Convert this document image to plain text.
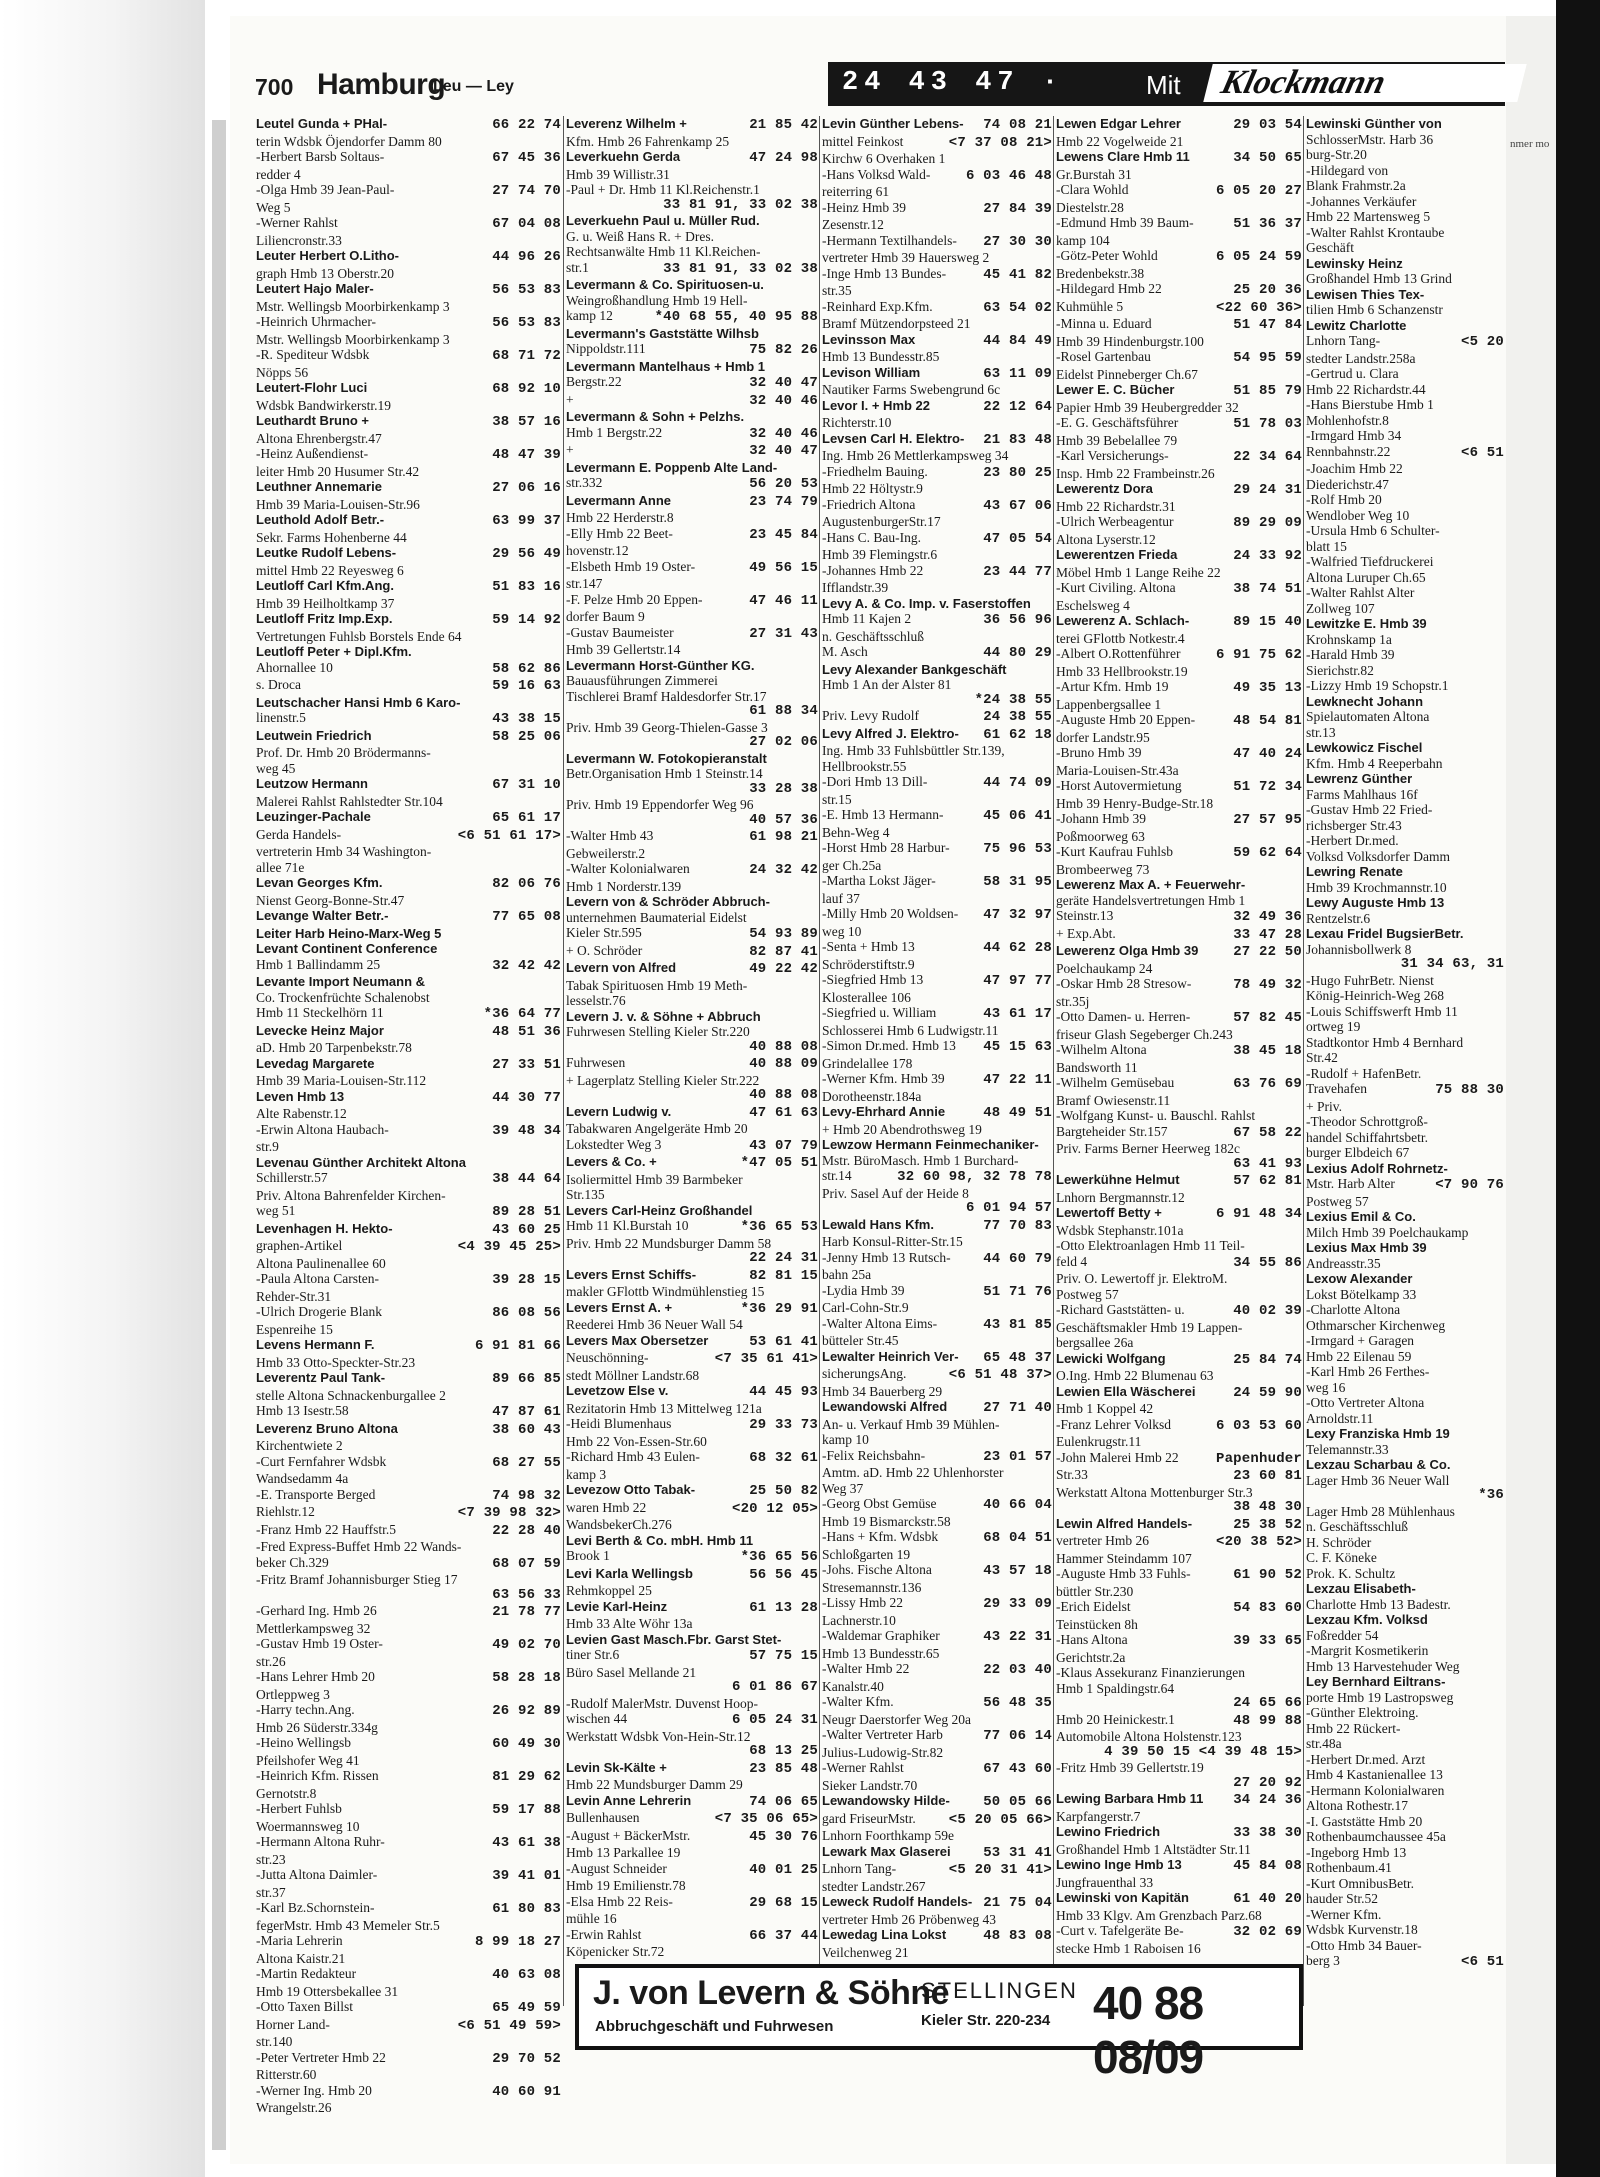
nmer mo
700 Hamburg
Leu — Ley	24 43 47 ·	Mit	Klockmann
Leutel Gunda + PHal-	66 22 74
terin Wdsbk Öjendorfer Damm 80
-Herbert Barsb Soltaus-	67 45 36
redder 4
-Olga Hmb 39 Jean-Paul-	27 74 70
Weg 5
-Werner Rahlst	67 04 08
Liliencronstr.33
Leuter Herbert O.Litho-	44 96 26
graph Hmb 13 Oberstr.20
Leutert Hajo Maler-	56 53 83
Mstr. Wellingsb Moorbirkenkamp 3
-Heinrich Uhrmacher-	56 53 83
Mstr. Wellingsb Moorbirkenkamp 3
-R. Spediteur Wdsbk	68 71 72
Nöpps 56
Leutert-Flohr Luci	68 92 10
Wdsbk Bandwirkerstr.19
Leuthardt Bruno +	38 57 16
Altona Ehrenbergstr.47
-Heinz Außendienst-	48 47 39
leiter Hmb 20 Husumer Str.42
Leuthner Annemarie	27 06 16
Hmb 39 Maria-Louisen-Str.96
Leuthold Adolf Betr.-	63 99 37
Sekr. Farms Hohenberne 44
Leutke Rudolf Lebens-	29 56 49
mittel Hmb 22 Reyesweg 6
Leutloff Carl Kfm.Ang.	51 83 16
Hmb 39 Heilholtkamp 37
Leutloff Fritz Imp.Exp.	59 14 92
Vertretungen Fuhlsb Borstels Ende 64
Leutloff Peter + Dipl.Kfm.
Ahornallee 10	58 62 86
s. Droca	59 16 63
Leutschacher Hansi Hmb 6 Karo-
linenstr.5	43 38 15
Leutwein Friedrich	58 25 06
Prof. Dr. Hmb 20 Brödermanns-
weg 45
Leutzow Hermann	67 31 10
Malerei Rahlst Rahlstedter Str.104
Leuzinger-Pachale	65 61 17
Gerda Handels-	<6 51 61 17>
vertreterin Hmb 34 Washington-
allee 71e
Levan Georges Kfm.	82 06 76
Nienst Georg-Bonne-Str.47
Levange Walter Betr.-	77 65 08
Leiter Harb Heino-Marx-Weg 5
Levant Continent Conference
Hmb 1 Ballindamm 25	32 42 42
Levante Import Neumann &
Co. Trockenfrüchte Schalenobst
Hmb 11 Steckelhörn 11	*36 64 77
Levecke Heinz Major	48 51 36
aD. Hmb 20 Tarpenbekstr.78
Levedag Margarete	27 33 51
Hmb 39 Maria-Louisen-Str.112
Leven Hmb 13	44 30 77
Alte Rabenstr.12
-Erwin Altona Haubach-	39 48 34
str.9
Levenau Günther Architekt Altona
Schillerstr.57	38 44 64
Priv. Altona Bahrenfelder Kirchen-
weg 51	89 28 51
Levenhagen H. Hekto-	43 60 25
graphen-Artikel	<4 39 45 25>
Altona Paulinenallee 60
-Paula Altona Carsten-	39 28 15
Rehder-Str.31
-Ulrich Drogerie Blank	86 08 56
Espenreihe 15
Levens Hermann F.	6 91 81 66
Hmb 33 Otto-Speckter-Str.23
Leverentz Paul Tank-	89 66 85
stelle Altona Schnackenburgallee 2
Hmb 13 Isestr.58	47 87 61
Leverenz Bruno Altona	38 60 43
Kirchentwiete 2
-Curt Fernfahrer Wdsbk	68 27 55
Wandsedamm 4a
-E. Transporte Berged	74 98 32
Riehlstr.12	<7 39 98 32>
-Franz Hmb 22 Hauffstr.5	22 28 40
-Fred Express-Buffet Hmb 22 Wands-
beker Ch.329	68 07 59
-Fritz Bramf Johannisburger Stieg 17
63 56 33
-Gerhard Ing. Hmb 26	21 78 77
Mettlerkampsweg 32
-Gustav Hmb 19 Oster-	49 02 70
str.26
-Hans Lehrer Hmb 20	58 28 18
Ortleppweg 3
-Harry techn.Ang.	26 92 89
Hmb 26 Süderstr.334g
-Heino Wellingsb	60 49 30
Pfeilshofer Weg 41
-Heinrich Kfm. Rissen	81 29 62
Gernotstr.8
-Herbert Fuhlsb	59 17 88
Woermannsweg 10
-Hermann Altona Ruhr-	43 61 38
str.23
-Jutta Altona Daimler-	39 41 01
str.37
-Karl Bz.Schornstein-	61 80 83
fegerMstr. Hmb 43 Memeler Str.5
-Maria Lehrerin	8 99 18 27
Altona Kaistr.21
-Martin Redakteur	40 63 08
Hmb 19 Ottersbekallee 31
-Otto Taxen Billst	65 49 59
Horner Land-	<6 51 49 59>
str.140
-Peter Vertreter Hmb 22	29 70 52
Ritterstr.60
-Werner Ing. Hmb 20	40 60 91
Wrangelstr.26
Leverenz Wilhelm +	21 85 42
Kfm. Hmb 26 Fahrenkamp 25
Leverkuehn Gerda	47 24 98
Hmb 39 Willistr.31
-Paul + Dr. Hmb 11 Kl.Reichenstr.1
33 81 91, 33 02 38
Leverkuehn Paul u. Müller Rud.
G. u. Weiß Hans R. + Dres.
Rechtsanwälte Hmb 11 Kl.Reichen-
str.1	33 81 91, 33 02 38
Levermann & Co. Spirituosen-u.
Weingroßhandlung Hmb 19 Hell-
kamp 12	*40 68 55, 40 95 88
Levermann's Gaststätte Wilhsb
Nippoldstr.111	75 82 26
Levermann Mantelhaus + Hmb 1
Bergstr.22	32 40 47
+	32 40 46
Levermann & Sohn + Pelzhs.
Hmb 1 Bergstr.22	32 40 46
+	32 40 47
Levermann E. Poppenb Alte Land-
str.332	56 20 53
Levermann Anne	23 74 79
Hmb 22 Herderstr.8
-Elly Hmb 22 Beet-	23 45 84
hovenstr.12
-Elsbeth Hmb 19 Oster-	49 56 15
str.147
-F. Pelze Hmb 20 Eppen-	47 46 11
dorfer Baum 9
-Gustav Baumeister	27 31 43
Hmb 39 Gellertstr.14
Levermann Horst-Günther KG.
Bauausführungen Zimmerei
Tischlerei Bramf Haldesdorfer Str.17
61 88 34
Priv. Hmb 39 Georg-Thielen-Gasse 3
27 02 06
Levermann W. Fotokopieranstalt
Betr.Organisation Hmb 1 Steinstr.14
33 28 38
Priv. Hmb 19 Eppendorfer Weg 96
40 57 36
-Walter Hmb 43	61 98 21
Gebweilerstr.2
-Walter Kolonialwaren	24 32 42
Hmb 1 Norderstr.139
Levern von & Schröder Abbruch-
unternehmen Baumaterial Eidelst
Kieler Str.595	54 93 89
+ O. Schröder	82 87 41
Levern von Alfred	49 22 42
Tabak Spirituosen Hmb 19 Meth-
lesselstr.76
Levern J. v. & Söhne + Abbruch
Fuhrwesen Stelling Kieler Str.220
40 88 08
Fuhrwesen	40 88 09
+ Lagerplatz Stelling Kieler Str.222
40 88 08
Levern Ludwig v.	47 61 63
Tabakwaren Angelgeräte Hmb 20
Lokstedter Weg 3	43 07 79
Levers & Co. +	*47 05 51
Isoliermittel Hmb 39 Barmbeker
Str.135
Levers Carl-Heinz Großhandel
Hmb 11 Kl.Burstah 10	*36 65 53
Priv. Hmb 22 Mundsburger Damm 58
22 24 31
Levers Ernst Schiffs-	82 81 15
makler GFlottb Windmühlenstieg 15
Levers Ernst A. +	*36 29 91
Reederei Hmb 36 Neuer Wall 54
Levers Max Obersetzer	53 61 41
Neuschönning-	<7 35 61 41>
stedt Möllner Landstr.68
Levetzow Else v.	44 45 93
Rezitatorin Hmb 13 Mittelweg 121a
-Heidi Blumenhaus	29 33 73
Hmb 22 Von-Essen-Str.60
-Richard Hmb 43 Eulen-	68 32 61
kamp 3
Levezow Otto Tabak-	25 50 82
waren Hmb 22	<20 12 05>
WandsbekerCh.276
Levi Berth & Co. mbH. Hmb 11
Brook 1	*36 65 56
Levi Karla Wellingsb	56 56 45
Rehmkoppel 25
Levie Karl-Heinz	61 13 28
Hmb 33 Alte Wöhr 13a
Levien Gast Masch.Fbr. Garst Stet-
tiner Str.6	57 75 15
Büro Sasel Mellande 21
6 01 86 67
-Rudolf MalerMstr. Duvenst Hoop-
wischen 44	6 05 24 31
Werkstatt Wdsbk Von-Hein-Str.12
68 13 25
Levin Sk-Kälte +	23 85 48
Hmb 22 Mundsburger Damm 29
Levin Anne Lehrerin	74 06 65
Bullenhausen	<7 35 06 65>
-August + BäckerMstr.	45 30 76
Hmb 13 Parkallee 19
-August Schneider	40 01 25
Hmb 19 Emilienstr.78
-Elsa Hmb 22 Reis-	29 68 15
mühle 16
-Erwin Rahlst	66 37 44
Köpenicker Str.72
Levin Günther Lebens- 74 08 21
mittel Feinkost	<7 37 08 21>
Kirchw 6 Overhaken 1
-Hans Volksd Wald-	6 03 46 48
reiterring 61
-Heinz Hmb 39	27 84 39
Zesenstr.12
-Hermann Textilhandels- 27 30 30
vertreter Hmb 39 Hauersweg 2
-Inge Hmb 13 Bundes-	45 41 82
str.35
-Reinhard Exp.Kfm.	63 54 02
Bramf Mützendorpsteed 21
Levinsson Max	44 84 49
Hmb 13 Bundesstr.85
Levison William	63 11 09
Nautiker Farms Swebengrund 6c
Levor I. + Hmb 22	22 12 64
Richterstr.10
Levsen Carl H. Elektro- 21 83 48
Ing. Hmb 26 Mettlerkampsweg 34
-Friedhelm Bauing.	23 80 25
Hmb 22 Höltystr.9
-Friedrich Altona	43 67 06
AugustenburgerStr.17
-Hans C. Bau-Ing.	47 05 54
Hmb 39 Flemingstr.6
-Johannes Hmb 22	23 44 77
Ifflandstr.39
Levy A. & Co. Imp. v. Faserstoffen
Hmb 11 Kajen 2	36 56 96
n. Geschäftsschluß
M. Asch	44 80 29
Levy Alexander Bankgeschäft
Hmb 1 An der Alster 81
*24 38 55
Priv. Levy Rudolf	24 38 55
Levy Alfred J. Elektro- 61 62 18
Ing. Hmb 33 Fuhlsbüttler Str.139,
Hellbrookstr.55
-Dori Hmb 13 Dill-	44 74 09
str.15
-E. Hmb 13 Hermann-	45 06 41
Behn-Weg 4
-Horst Hmb 28 Harbur- 75 96 53
ger Ch.25a
-Martha Lokst Jäger-	58 31 95
lauf 37
-Milly Hmb 20 Woldsen- 47 32 97
weg 10
-Senta + Hmb 13	44 62 28
Schröderstiftstr.9
-Siegfried Hmb 13	47 97 77
Klosterallee 106
-Siegfried u. William	43 61 17
Schlosserei Hmb 6 Ludwigstr.11
-Simon Dr.med. Hmb 13 45 15 63
Grindelallee 178
-Werner Kfm. Hmb 39	47 22 11
Dorotheenstr.184a
Levy-Ehrhard Annie	48 49 51
+ Hmb 20 Abendrothsweg 19
Lewzow Hermann Feinmechaniker-
Mstr. BüroMasch. Hmb 1 Burchard-
str.14	32 60 98, 32 78 78
Priv. Sasel Auf der Heide 8
6 01 94 57
Lewald Hans Kfm.	77 70 83
Harb Konsul-Ritter-Str.15
-Jenny Hmb 13 Rutsch- 44 60 79
bahn 25a
-Lydia Hmb 39	51 71 76
Carl-Cohn-Str.9
-Walter Altona Eims-	43 81 85
bütteler Str.45
Lewalter Heinrich Ver- 65 48 37
sicherungsAng.	<6 51 48 37>
Hmb 34 Bauerberg 29
Lewandowski Alfred	27 71 40
An- u. Verkauf Hmb 39 Mühlen-
kamp 10
-Felix Reichsbahn-	23 01 57
Amtm. aD. Hmb 22 Uhlenhorster
Weg 37
-Georg Obst Gemüse	40 66 04
Hmb 19 Bismarckstr.58
-Hans + Kfm. Wdsbk	68 04 51
Schloßgarten 19
-Johs. Fische Altona	43 57 18
Stresemannstr.136
-Lissy Hmb 22	29 33 09
Lachnerstr.10
-Waldemar Graphiker	43 22 31
Hmb 13 Bundesstr.65
-Walter Hmb 22	22 03 40
Kanalstr.40
-Walter Kfm.	56 48 35
Neugr Daerstorfer Weg 20a
-Walter Vertreter Harb	77 06 14
Julius-Ludowig-Str.82
-Werner Rahlst	67 43 60
Sieker Landstr.70
Lewandowsky Hilde- 50 05 66
gard FriseurMstr. <5 20 05 66>
Lnhorn Foorthkamp 59e
Lewark Max Glaserei 53 31 41
Lnhorn Tang-	<5 20 31 41>
stedter Landstr.267
Leweck Rudolf Handels- 21 75 04
vertreter Hmb 26 Pröbenweg 43
Lewedag Lina Lokst	48 83 08
Veilchenweg 21
Lewen Edgar Lehrer	29 03 54
Hmb 22 Vogelweide 21
Lewens Clare Hmb 11	34 50 65
Gr.Burstah 31
-Clara Wohld	6 05 20 27
Diestelstr.28
-Edmund Hmb 39 Baum-	51 36 37
kamp 104
-Götz-Peter Wohld	6 05 24 59
Bredenbekstr.38
-Hildegard Hmb 22	25 20 36
Kuhmühle 5	<22 60 36>
-Minna u. Eduard	51 47 84
Hmb 39 Hindenburgstr.100
-Rosel Gartenbau	54 95 59
Eidelst Pinneberger Ch.67
Lewer E. C. Bücher	51 85 79
Papier Hmb 39 Heubergredder 32
-E. G. Geschäftsführer	51 78 03
Hmb 39 Bebelallee 79
-Karl Versicherungs-	22 34 64
Insp. Hmb 22 Frambeinstr.26
Lewerentz Dora	29 24 31
Hmb 22 Richardstr.31
-Ulrich Werbeagentur	89 29 09
Altona Lyserstr.12
Lewerentzen Frieda	24 33 92
Möbel Hmb 1 Lange Reihe 22
-Kurt Civiling. Altona	38 74 51
Eschelsweg 4
Lewerenz A. Schlach-	89 15 40
terei GFlottb Notkestr.4
-Albert O.Rottenführer	6 91 75 62
Hmb 33 Hellbrookstr.19
-Artur Kfm. Hmb 19	49 35 13
Lappenbergsallee 1
-Auguste Hmb 20 Eppen-	48 54 81
dorfer Landstr.95
-Bruno Hmb 39	47 40 24
Maria-Louisen-Str.43a
-Horst Autovermietung	51 72 34
Hmb 39 Henry-Budge-Str.18
-Johann Hmb 39	27 57 95
Poßmoorweg 63
-Kurt Kaufrau Fuhlsb	59 62 64
Brombeerweg 73
Lewerenz Max A. + Feuerwehr-
geräte Handelsvertretungen Hmb 1
Steinstr.13	32 49 36
+ Exp.Abt.	33 47 28
Lewerenz Olga Hmb 39 27 22 50
Poelchaukamp 24
-Oskar Hmb 28 Stresow-	78 49 32
str.35j
-Otto Damen- u. Herren-	57 82 45
friseur Glash Segeberger Ch.243
-Wilhelm Altona	38 45 18
Bandsworth 11
-Wilhelm Gemüsebau	63 76 69
Bramf Owiesenstr.11
-Wolfgang Kunst- u. Bauschl. Rahlst
Bargteheider Str.157	67 58 22
Priv. Farms Berner Heerweg 182c
63 41 93
Lewerkühne Helmut	57 62 81
Lnhorn Bergmannstr.12
Lewertoff Betty +	6 91 48 34
Wdsbk Stephanstr.101a
-Otto Elektroanlagen Hmb 11 Teil-
feld 4	34 55 86
Priv. O. Lewertoff jr. ElektroM.
Postweg 57
-Richard Gaststätten- u.	40 02 39
Geschäftsmakler Hmb 19 Lappen-
bergsallee 26a
Lewicki Wolfgang	25 84 74
O.Ing. Hmb 22 Blumenau 63
Lewien Ella Wäscherei	24 59 90
Hmb 1 Koppel 42
-Franz Lehrer Volksd	6 03 53 60
Eulenkrugstr.11
-John Malerei Hmb 22	Papenhuder
Str.33	23 60 81
Werkstatt Altona Mottenburger Str.3
38 48 30
Lewin Alfred Handels-	25 38 52
vertreter Hmb 26	<20 38 52>
Hammer Steindamm 107
-Auguste Hmb 33 Fuhls-	61 90 52
büttler Str.230
-Erich Eidelst	54 83 60
Teinstücken 8h
-Hans Altona	39 33 65
Gerichtstr.2a
-Klaus Assekuranz Finanzierungen
Hmb 1 Spaldingstr.64
24 65 66
Hmb 20 Heinickestr.1	48 99 88
Automobile Altona Holstenstr.123
4 39 50 15 <4 39 48 15>
-Fritz Hmb 39 Gellertstr.19
27 20 92
Lewing Barbara Hmb 11 34 24 36
Karpfangerstr.7
Lewino Friedrich	33 38 30
Großhandel Hmb 1 Altstädter Str.11
Lewino Inge Hmb 13	45 84 08
Jungfrauenthal 33
Lewinski von Kapitän	61 40 20
Hmb 33 Klgv. Am Grenzbach Parz.68
-Curt v. Tafelgeräte Be-	32 02 69
stecke Hmb 1 Raboisen 16
Lewinski Günther von
SchlosserMstr. Harb 36
burg-Str.20
-Hildegard von
Blank Frahmstr.2a
-Johannes Verkäufer
Hmb 22 Martensweg 5
-Walter Rahlst Krontaube
Geschäft
Lewinsky Heinz
Großhandel Hmb 13 Grind
Lewisen Thies Tex-
tilien Hmb 6 Schanzenstr
Lewitz Charlotte
Lnhorn Tang-	<5 20
stedter Landstr.258a
-Gertrud u. Clara
Hmb 22 Richardstr.44
-Hans Bierstube Hmb 1
Mohlenhofstr.8
-Irmgard Hmb 34
Rennbahnstr.22	<6 51
-Joachim Hmb 22
Diederichstr.47
-Rolf Hmb 20
Wendlober Weg 10
-Ursula Hmb 6 Schulter-
blatt 15
-Walfried Tiefdruckerei
Altona Luruper Ch.65
-Walter Rahlst Alter
Zollweg 107
Lewitzke E. Hmb 39
Krohnskamp 1a
-Harald Hmb 39
Sierichstr.82
-Lizzy Hmb 19 Schopstr.1
Lewknecht Johann
Spielautomaten Altona
str.13
Lewkowicz Fischel
Kfm. Hmb 4 Reeperbahn
Lewrenz Günther
Farms Mahlhaus 16f
-Gustav Hmb 22 Fried-
richsberger Str.43
-Herbert Dr.med.
Volksd Volksdorfer Damm
Lewring Renate
Hmb 39 Krochmannstr.10
Lewy Auguste Hmb 13
Rentzelstr.6
Lexau Fridel BugsierBetr.
Johannisbollwerk 8
31 34 63, 31
-Hugo FuhrBetr. Nienst
König-Heinrich-Weg 268
-Louis Schiffswerft Hmb 11
ortweg 19
Stadtkontor Hmb 4 Bernhard
Str.42
-Rudolf + HafenBetr.
Travehafen	75 88 30
+ Priv.
-Theodor Schrottgroß-
handel Schiffahrtsbetr.
burger Elbdeich 67
Lexius Adolf Rohrnetz-
Mstr. Harb Alter	<7 90 76
Postweg 57
Lexius Emil & Co.
Milch Hmb 39 Poelchaukamp
Lexius Max Hmb 39
Andreasstr.35
Lexow Alexander
Lokst Bötelkamp 33
-Charlotte Altona
Othmarscher Kirchenweg
-Irmgard + Garagen
Hmb 22 Eilenau 59
-Karl Hmb 26 Ferthes-
weg 16
-Otto Vertreter Altona
Arnoldstr.11
Lexy Franziska Hmb 19
Telemannstr.33
Lexzau Scharbau & Co.
Lager Hmb 36 Neuer Wall
*36
Lager Hmb 28 Mühlenhaus
n. Geschäftsschluß
H. Schröder
C. F. Köneke
Prok. K. Schultz
Lexzau Elisabeth-
Charlotte Hmb 13 Badestr.
Lexzau Kfm. Volksd
Foßredder 54
-Margrit Kosmetikerin
Hmb 13 Harvestehuder Weg
Ley Bernhard Eiltrans-
porte Hmb 19 Lastropsweg
-Günther Elektroing.
Hmb 22 Rückert-
str.48a
-Herbert Dr.med. Arzt
Hmb 4 Kastanienallee 13
-Hermann Kolonialwaren
Altona Rothestr.17
-I. Gaststätte Hmb 20
Rothenbaumchaussee 45a
-Ingeborg Hmb 13
Rothenbaum.41
-Kurt OmnibusBetr.
hauder Str.52
-Werner Kfm.
Wdsbk Kurvenstr.18
-Otto Hmb 34 Bauer-
berg 3	<6 51
J. von Levern & Söhne
Abbruchgeschäft und Fuhrwesen
STELLINGEN
Kieler Str. 220-234 40 88 08/09
